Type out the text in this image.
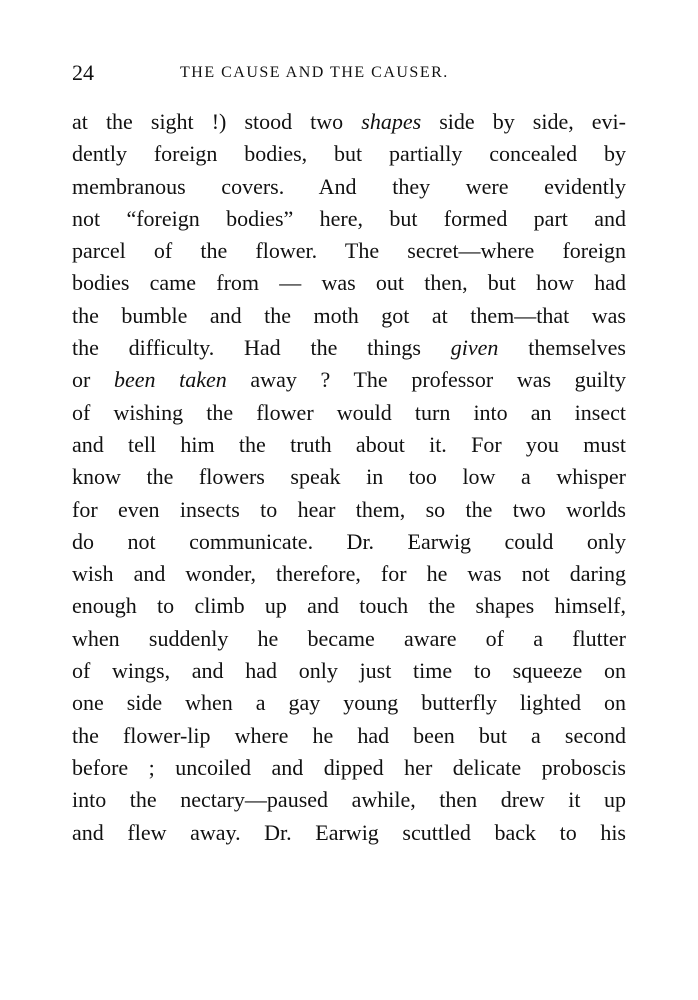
24	THE CAUSE AND THE CAUSER.
at the sight !) stood two shapes side by side, evi-
dently foreign bodies, but partially concealed by
membranous covers. And they were evidently
not “foreign bodies” here, but formed part and
parcel of the flower. The secret—where foreign
bodies came from — was out then, but how had
the bumble and the moth got at them—that was
the difficulty. Had the things given themselves
or been taken away ? The professor was guilty
of wishing the flower would turn into an insect
and tell him the truth about it. For you must
know the flowers speak in too low a whisper
for even insects to hear them, so the two worlds
do not communicate. Dr. Earwig could only
wish and wonder, therefore, for he was not daring
enough to climb up and touch the shapes himself,
when suddenly he became aware of a flutter
of wings, and had only just time to squeeze on
one side when a gay young butterfly lighted on
the flower-lip where he had been but a second
before ; uncoiled and dipped her delicate proboscis
into the nectary—paused awhile, then drew it up
and flew away. Dr. Earwig scuttled back to his
